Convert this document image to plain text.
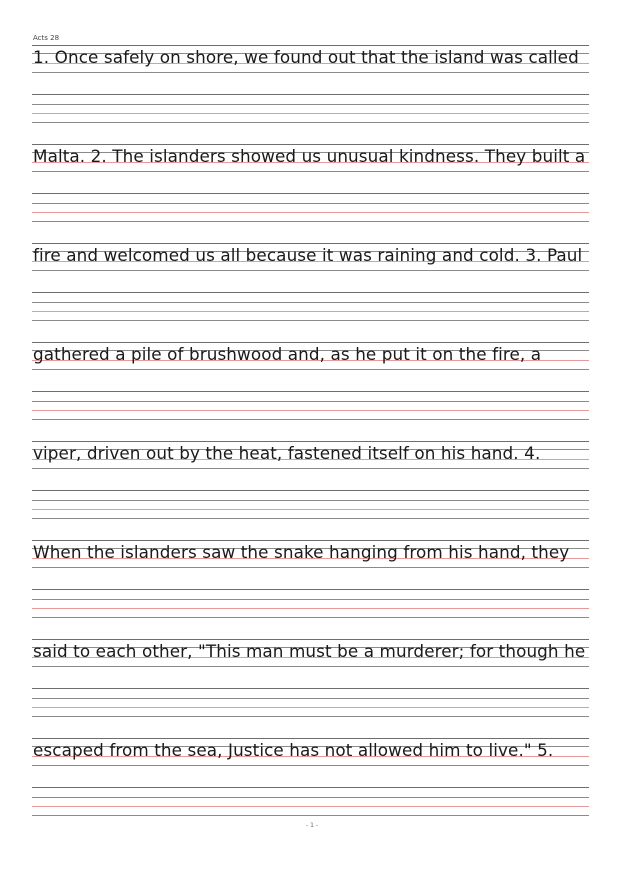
Acts 28
1. Once safely on shore, we found out that the island was called
Malta. 2. The islanders showed us unusual kindness. They built a
fire and welcomed us all because it was raining and cold. 3. Paul
gathered a pile of brushwood and, as he put it on the fire, a
viper, driven out by the heat, fastened itself on his hand. 4.
When the islanders saw the snake hanging from his hand, they
said to each other, "This man must be a murderer; for though he
escaped from the sea, Justice has not allowed him to live." 5.
- 1 -
